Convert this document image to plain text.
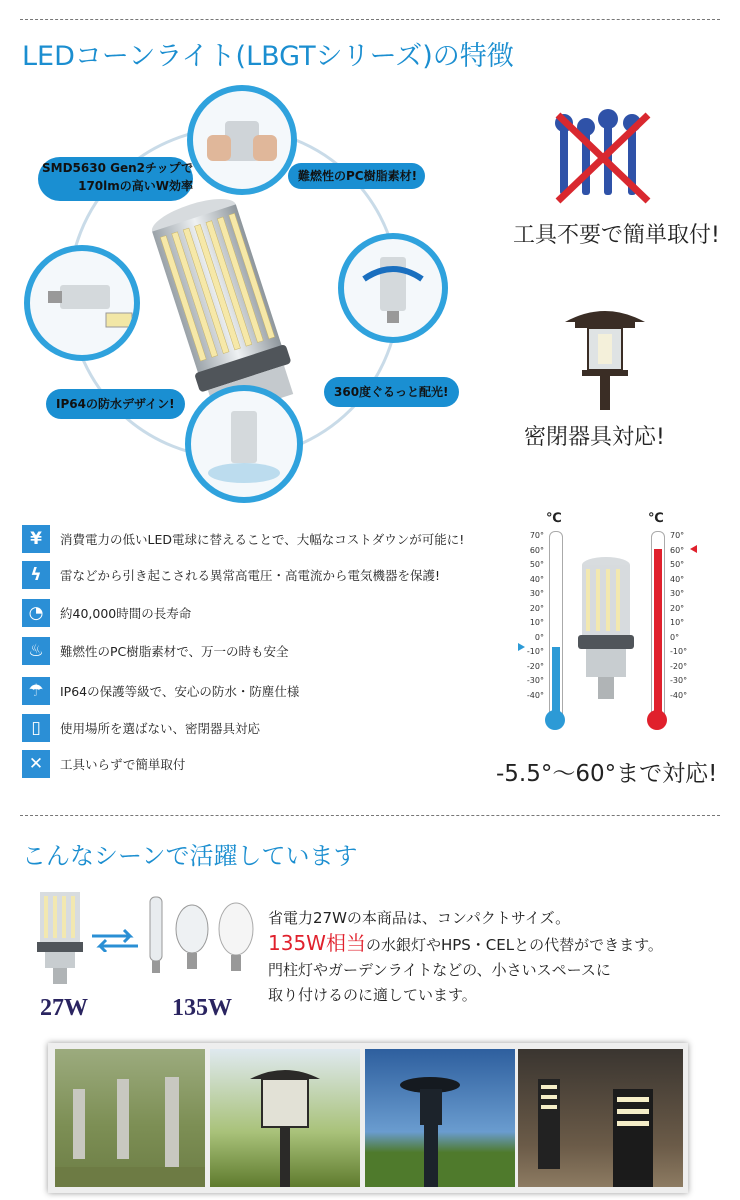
LEDコーンライト(LBGTシリーズ)の特徴
難燃性のPC樹脂素材!
360度ぐるっと配光!
IP64の防水デザイン!
SMD5630 Gen2チップで
170lmの高いW効率
工具不要で簡単取付!
密閉器具対応!
¥	消費電力の低いLED電球に替えることで、大幅なコストダウンが可能に!
ϟ	雷などから引き起こされる異常高電圧・高電流から電気機器を保護!
◔	約40,000時間の長寿命
♨	難燃性のPC樹脂素材で、万一の時も安全
☂	IP64の保護等級で、安心の防水・防塵仕様
▯	使用場所を選ばない、密閉器具対応
✕	工具いらずで簡単取付
℃	℃
70°
60°
50°
40°
30°
20°
10°
0°
-10°
-20°
-30°
-40°
70°
60°
50°
40°
30°
20°
10°
0°
-10°
-20°
-30°
-40°
-5.5°〜60°まで対応!
こんなシーンで活躍しています
27W	135W
省電力27Wの本商品は、コンパクトサイズ。
135W相当の水銀灯やHPS・CELとの代替ができます。
門柱灯やガーデンライトなどの、小さいスペースに
取り付けるのに適しています。
